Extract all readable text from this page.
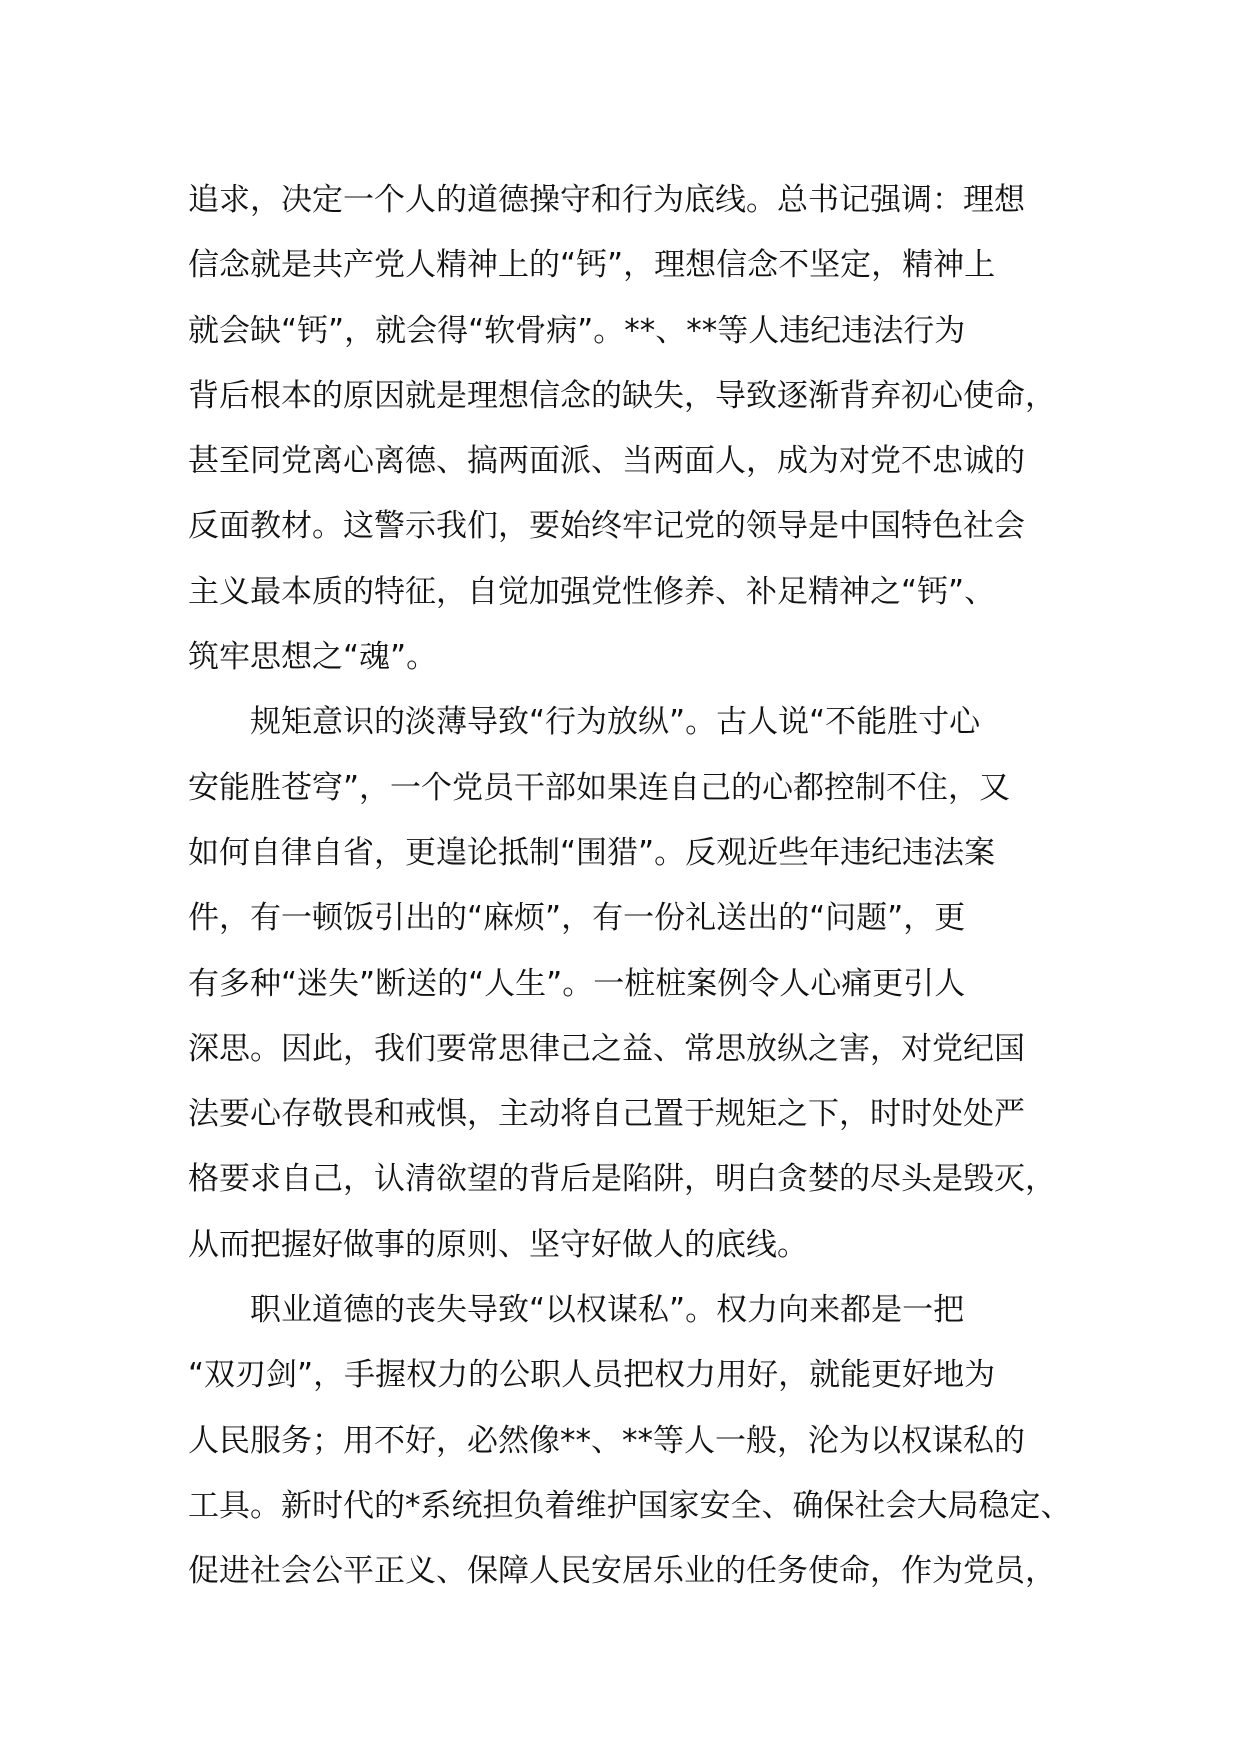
追求，决定一个人的道德操守和行为底线。总书记强调：理想
信念就是共产党人精神上的“钙”，理想信念不坚定，精神上
就会缺“钙”，就会得“软骨病”。**、**等人违纪违法行为
背后根本的原因就是理想信念的缺失，导致逐渐背弃初心使命，
甚至同党离心离德、搞两面派、当两面人，成为对党不忠诚的
反面教材。这警示我们，要始终牢记党的领导是中国特色社会
主义最本质的特征，自觉加强党性修养、补足精神之“钙”、
筑牢思想之“魂”。
规矩意识的淡薄导致“行为放纵”。古人说“不能胜寸心
安能胜苍穹”，一个党员干部如果连自己的心都控制不住，又
如何自律自省，更遑论抵制“围猎”。反观近些年违纪违法案
件，有一顿饭引出的“麻烦”，有一份礼送出的“问题”，更
有多种“迷失”断送的“人生”。一桩桩案例令人心痛更引人
深思。因此，我们要常思律己之益、常思放纵之害，对党纪国
法要心存敬畏和戒惧，主动将自己置于规矩之下，时时处处严
格要求自己，认清欲望的背后是陷阱，明白贪婪的尽头是毁灭，
从而把握好做事的原则、坚守好做人的底线。
职业道德的丧失导致“以权谋私”。权力向来都是一把
“双刃剑”，手握权力的公职人员把权力用好，就能更好地为
人民服务；用不好，必然像**、**等人一般，沦为以权谋私的
工具。新时代的*系统担负着维护国家安全、确保社会大局稳定、
促进社会公平正义、保障人民安居乐业的任务使命，作为党员，
